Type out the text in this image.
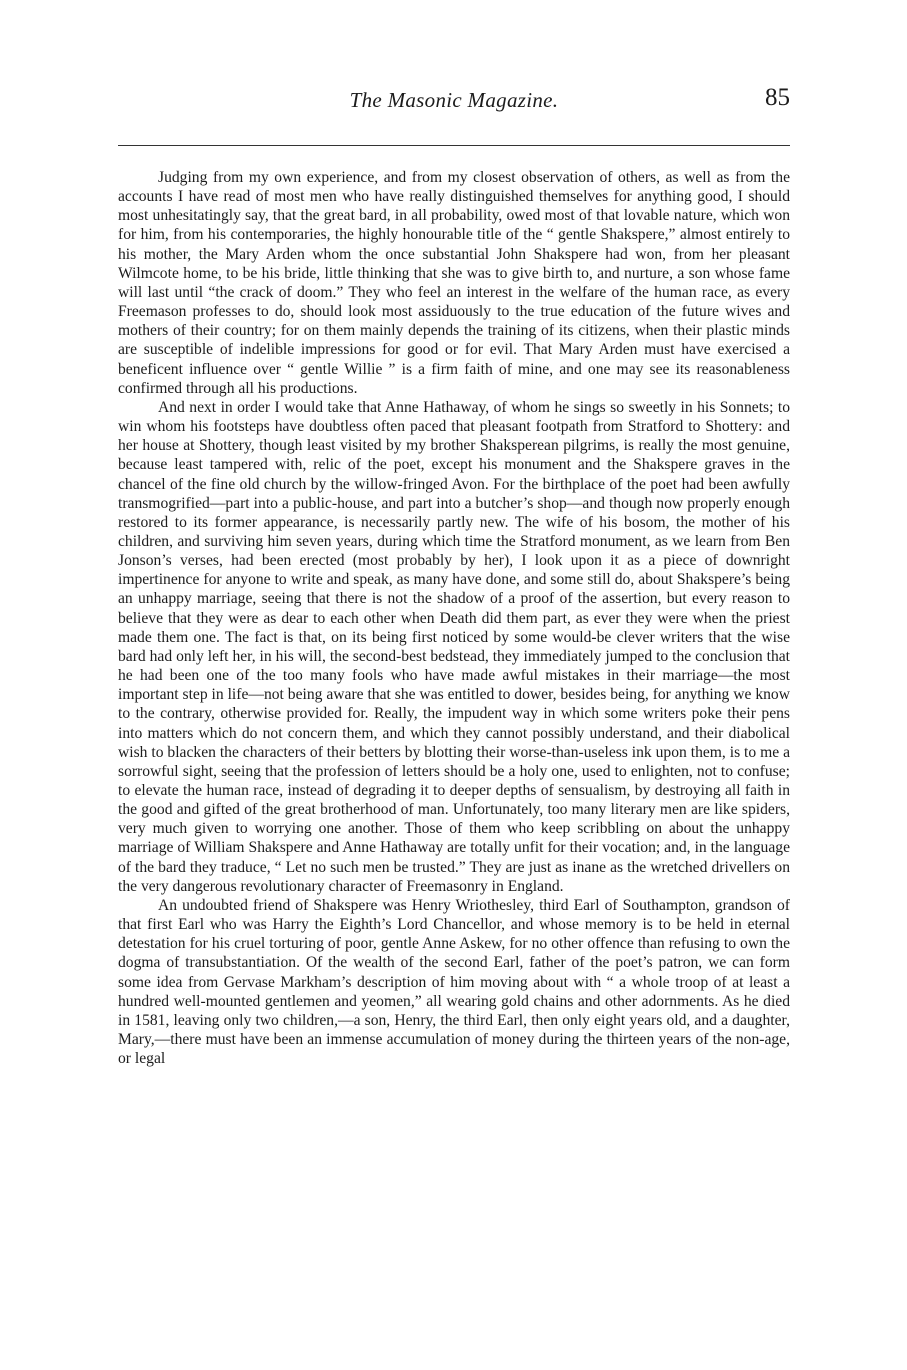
The Masonic Magazine.	85

Judging from my own experience, and from my closest observation of others, as well as from the accounts I have read of most men who have really distinguished themselves for anything good, I should most unhesitatingly say, that the great bard, in all probability, owed most of that lovable nature, which won for him, from his contemporaries, the highly honourable title of the “ gentle Shakspere,” almost entirely to his mother, the Mary Arden whom the once substantial John Shakspere had won, from her pleasant Wilmcote home, to be his bride, little thinking that she was to give birth to, and nurture, a son whose fame will last until “the crack of doom.” They who feel an interest in the welfare of the human race, as every Freemason professes to do, should look most assiduously to the true education of the future wives and mothers of their country; for on them mainly depends the training of its citizens, when their plastic minds are susceptible of indelible impressions for good or for evil. That Mary Arden must have exercised a beneficent influence over “ gentle Willie ” is a firm faith of mine, and one may see its reasonableness confirmed through all his productions.

And next in order I would take that Anne Hathaway, of whom he sings so sweetly in his Sonnets; to win whom his footsteps have doubtless often paced that pleasant footpath from Stratford to Shottery: and her house at Shottery, though least visited by my brother Shaksperean pilgrims, is really the most genuine, because least tampered with, relic of the poet, except his monument and the Shakspere graves in the chancel of the fine old church by the willow-fringed Avon. For the birthplace of the poet had been awfully transmogrified—part into a public-house, and part into a butcher’s shop—and though now properly enough restored to its former appearance, is necessarily partly new. The wife of his bosom, the mother of his children, and surviving him seven years, during which time the Stratford monument, as we learn from Ben Jonson’s verses, had been erected (most probably by her), I look upon it as a piece of downright impertinence for anyone to write and speak, as many have done, and some still do, about Shakspere’s being an unhappy marriage, seeing that there is not the shadow of a proof of the assertion, but every reason to believe that they were as dear to each other when Death did them part, as ever they were when the priest made them one. The fact is that, on its being first noticed by some would-be clever writers that the wise bard had only left her, in his will, the second-best bedstead, they immediately jumped to the conclusion that he had been one of the too many fools who have made awful mistakes in their marriage—the most important step in life—not being aware that she was entitled to dower, besides being, for anything we know to the contrary, otherwise provided for. Really, the impudent way in which some writers poke their pens into matters which do not concern them, and which they cannot possibly understand, and their diabolical wish to blacken the characters of their betters by blotting their worse-than-useless ink upon them, is to me a sorrowful sight, seeing that the profession of letters should be a holy one, used to enlighten, not to confuse; to elevate the human race, instead of degrading it to deeper depths of sensualism, by destroying all faith in the good and gifted of the great brotherhood of man. Unfortunately, too many literary men are like spiders, very much given to worrying one another. Those of them who keep scribbling on about the unhappy marriage of William Shakspere and Anne Hathaway are totally unfit for their vocation; and, in the language of the bard they traduce, “ Let no such men be trusted.” They are just as inane as the wretched drivellers on the very dangerous revolutionary character of Freemasonry in England.

An undoubted friend of Shakspere was Henry Wriothesley, third Earl of Southampton, grandson of that first Earl who was Harry the Eighth’s Lord Chancellor, and whose memory is to be held in eternal detestation for his cruel torturing of poor, gentle Anne Askew, for no other offence than refusing to own the dogma of transubstantiation. Of the wealth of the second Earl, father of the poet’s patron, we can form some idea from Gervase Markham’s description of him moving about with “ a whole troop of at least a hundred well-mounted gentlemen and yeomen,” all wearing gold chains and other adornments. As he died in 1581, leaving only two children,—a son, Henry, the third Earl, then only eight years old, and a daughter, Mary,—there must have been an immense accumulation of money during the thirteen years of the non-age, or legal
